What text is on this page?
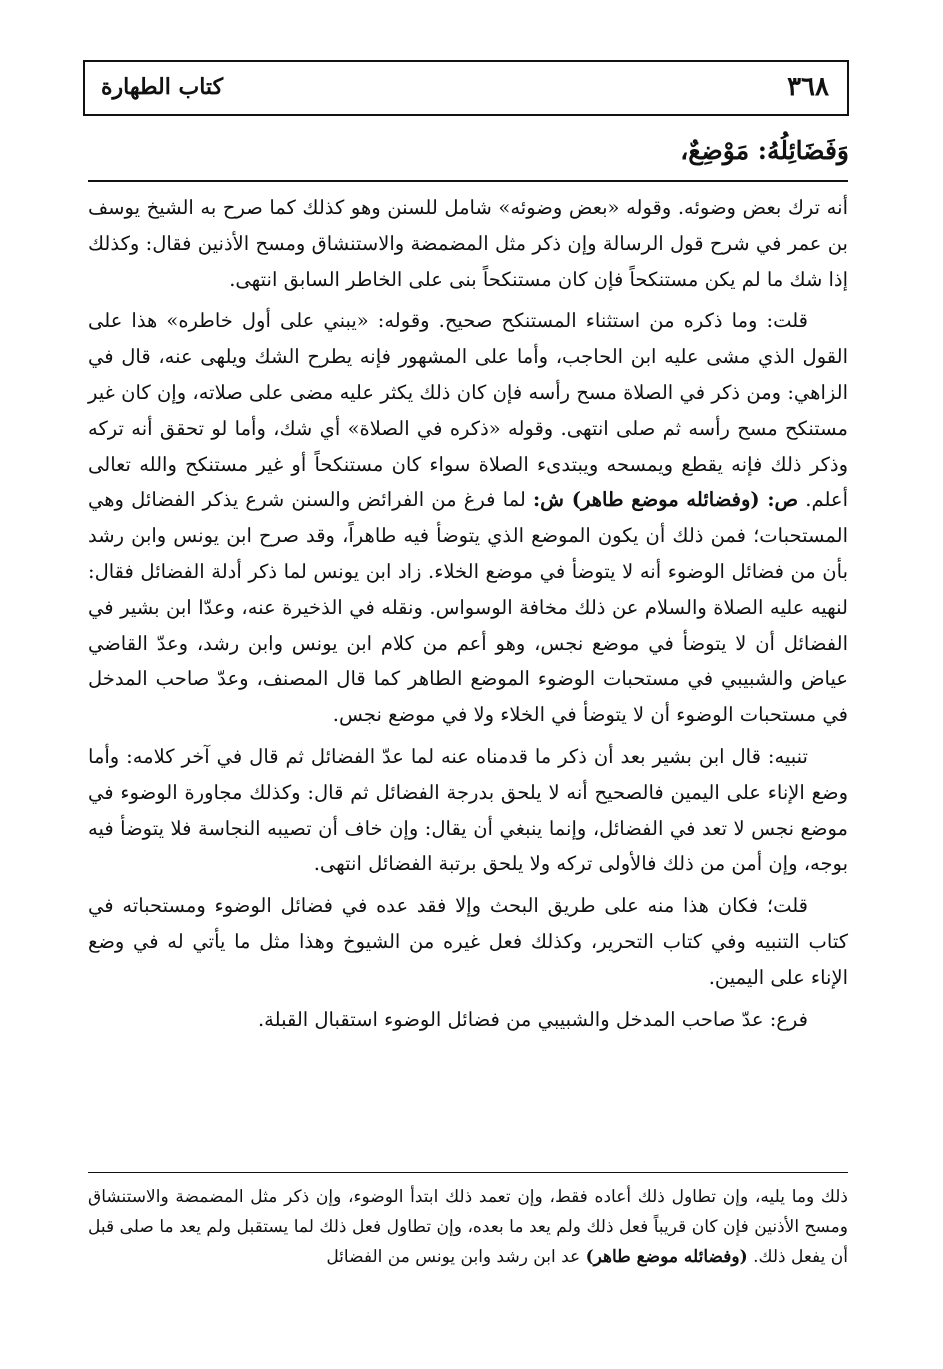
كتاب الطهارة	٣٦٨
وَفَضَائِلُهُ: مَوْضِعٌ،

أنه ترك بعض وضوئه. وقوله «بعض وضوئه» شامل للسنن وهو كذلك كما صرح به الشيخ يوسف بن عمر في شرح قول الرسالة وإن ذكر مثل المضمضة والاستنشاق ومسح الأذنين فقال: وكذلك إذا شك ما لم يكن مستنكحاً فإن كان مستنكحاً بنى على الخاطر السابق انتهى.

قلت: وما ذكره من استثناء المستنكح صحيح. وقوله: «يبني على أول خاطره» هذا على القول الذي مشى عليه ابن الحاجب، وأما على المشهور فإنه يطرح الشك ويلهى عنه، قال في الزاهي: ومن ذكر في الصلاة مسح رأسه فإن كان ذلك يكثر عليه مضى على صلاته، وإن كان غير مستنكح مسح رأسه ثم صلى انتهى. وقوله «ذكره في الصلاة» أي شك، وأما لو تحقق أنه تركه وذكر ذلك فإنه يقطع ويمسحه ويبتدىء الصلاة سواء كان مستنكحاً أو غير مستنكح والله تعالى أعلم. ص: (وفضائله موضع طاهر) ش: لما فرغ من الفرائض والسنن شرع يذكر الفضائل وهي المستحبات؛ فمن ذلك أن يكون الموضع الذي يتوضأ فيه طاهراً، وقد صرح ابن يونس وابن رشد بأن من فضائل الوضوء أنه لا يتوضأ في موضع الخلاء. زاد ابن يونس لما ذكر أدلة الفضائل فقال: لنهيه عليه الصلاة والسلام عن ذلك مخافة الوسواس. ونقله في الذخيرة عنه، وعدّا ابن بشير في الفضائل أن لا يتوضأ في موضع نجس، وهو أعم من كلام ابن يونس وابن رشد، وعدّ القاضي عياض والشبيبي في مستحبات الوضوء الموضع الطاهر كما قال المصنف، وعدّ صاحب المدخل في مستحبات الوضوء أن لا يتوضأ في الخلاء ولا في موضع نجس.

تنبيه: قال ابن بشير بعد أن ذكر ما قدمناه عنه لما عدّ الفضائل ثم قال في آخر كلامه: وأما وضع الإناء على اليمين فالصحيح أنه لا يلحق بدرجة الفضائل ثم قال: وكذلك مجاورة الوضوء في موضع نجس لا تعد في الفضائل، وإنما ينبغي أن يقال: وإن خاف أن تصيبه النجاسة فلا يتوضأ فيه بوجه، وإن أمن من ذلك فالأولى تركه ولا يلحق برتبة الفضائل انتهى.

قلت؛ فكان هذا منه على طريق البحث وإلا فقد عده في فضائل الوضوء ومستحباته في كتاب التنبيه وفي كتاب التحرير، وكذلك فعل غيره من الشيوخ وهذا مثل ما يأتي له في وضع الإناء على اليمين.

فرع: عدّ صاحب المدخل والشبيبي من فضائل الوضوء استقبال القبلة.

ذلك وما يليه، وإن تطاول ذلك أعاده فقط، وإن تعمد ذلك ابتدأ الوضوء، وإن ذكر مثل المضمضة والاستنشاق ومسح الأذنين فإن كان قريباً فعل ذلك ولم يعد ما بعده، وإن تطاول فعل ذلك لما يستقبل ولم يعد ما صلى قبل أن يفعل ذلك. (وفضائله موضع طاهر) عد ابن رشد وابن يونس من الفضائل
